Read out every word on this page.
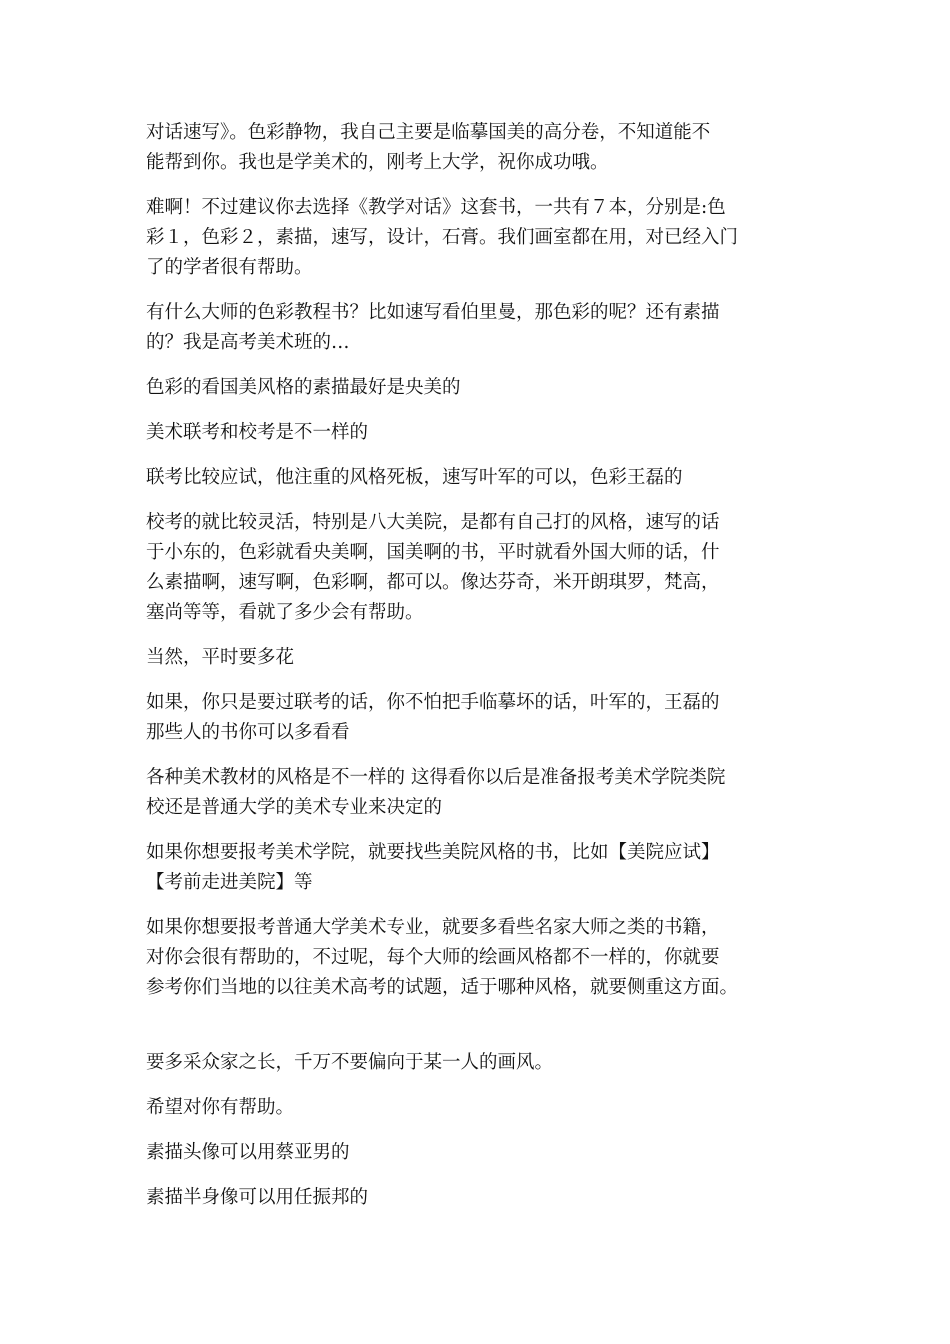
对话速写》。色彩静物，我自己主要是临摹国美的高分卷，不知道能不
能帮到你。我也是学美术的，刚考上大学，祝你成功哦。

难啊！不过建议你去选择《教学对话》这套书，一共有７本，分别是:色
彩１，色彩２，素描，速写，设计，石膏。我们画室都在用，对已经入门
了的学者很有帮助。

有什么大师的色彩教程书？比如速写看伯里曼，那色彩的呢？还有素描
的？我是高考美术班的…

色彩的看国美风格的素描最好是央美的

美术联考和校考是不一样的

联考比较应试，他注重的风格死板，速写叶军的可以，色彩王磊的

校考的就比较灵活，特别是八大美院，是都有自己打的风格，速写的话
于小东的，色彩就看央美啊，国美啊的书，平时就看外国大师的话，什
么素描啊，速写啊，色彩啊，都可以。像达芬奇，米开朗琪罗，梵高，
塞尚等等，看就了多少会有帮助。

当然，平时要多花

如果，你只是要过联考的话，你不怕把手临摹坏的话，叶军的，王磊的
那些人的书你可以多看看

各种美术教材的风格是不一样的 这得看你以后是准备报考美术学院类院
校还是普通大学的美术专业来决定的

如果你想要报考美术学院，就要找些美院风格的书，比如【美院应试】
【考前走进美院】等

如果你想要报考普通大学美术专业，就要多看些名家大师之类的书籍，
对你会很有帮助的，不过呢，每个大师的绘画风格都不一样的，你就要
参考你们当地的以往美术高考的试题，适于哪种风格，就要侧重这方面。

要多采众家之长，千万不要偏向于某一人的画风。

希望对你有帮助。

素描头像可以用蔡亚男的

素描半身像可以用任振邦的
